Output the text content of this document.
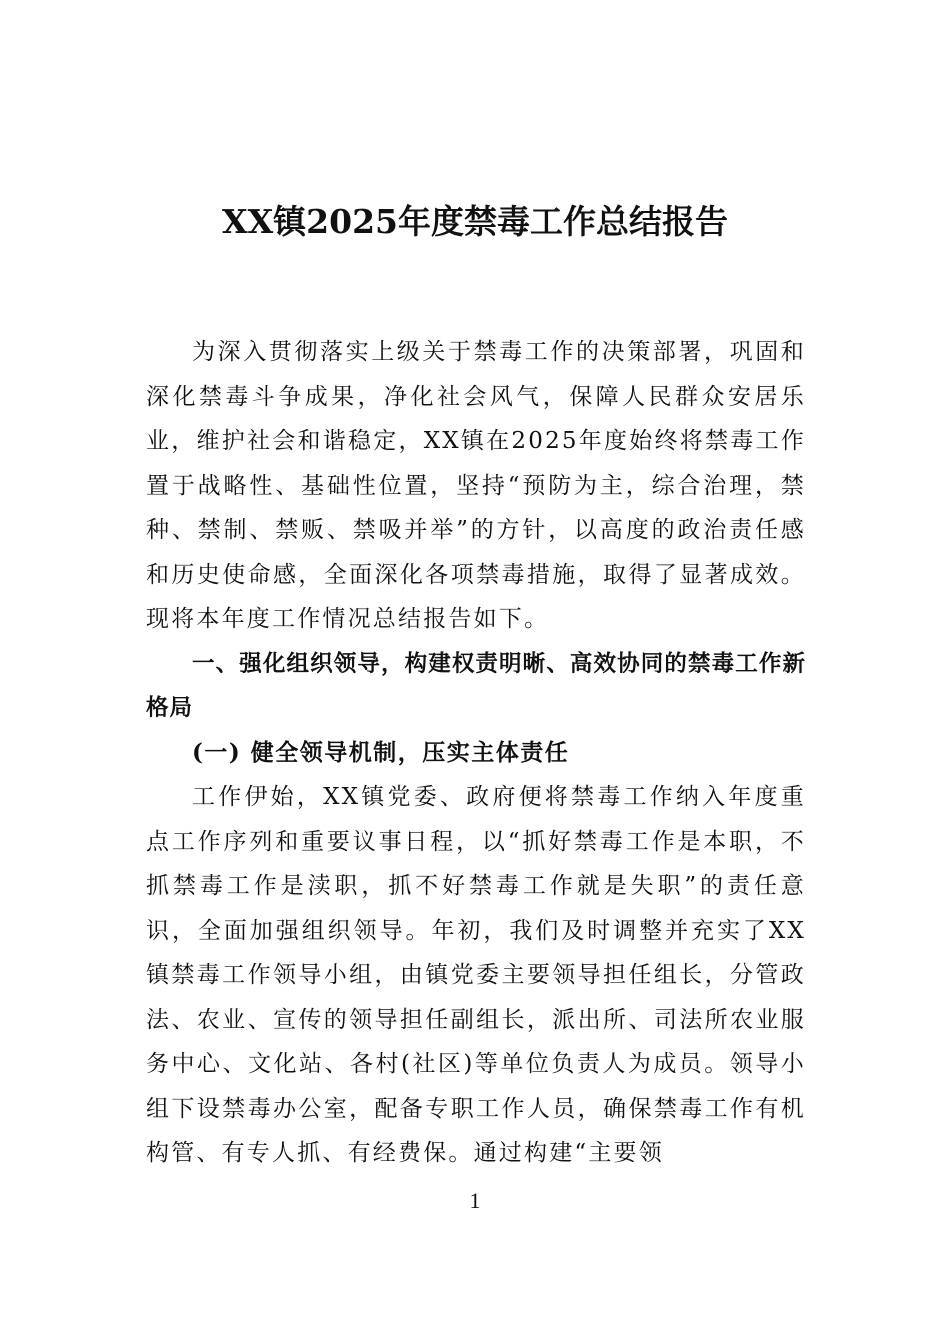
XX镇2025年度禁毒工作总结报告

为深入贯彻落实上级关于禁毒工作的决策部署，巩固和深化禁毒斗争成果，净化社会风气，保障人民群众安居乐业，维护社会和谐稳定，XX镇在2025年度始终将禁毒工作置于战略性、基础性位置，坚持“预防为主，综合治理，禁种、禁制、禁贩、禁吸并举”的方针，以高度的政治责任感和历史使命感，全面深化各项禁毒措施，取得了显著成效。现将本年度工作情况总结报告如下。

一、强化组织领导，构建权责明晰、高效协同的禁毒工作新格局

(一) 健全领导机制，压实主体责任

工作伊始，XX镇党委、政府便将禁毒工作纳入年度重点工作序列和重要议事日程，以“抓好禁毒工作是本职，不抓禁毒工作是渎职，抓不好禁毒工作就是失职”的责任意识，全面加强组织领导。年初，我们及时调整并充实了XX镇禁毒工作领导小组，由镇党委主要领导担任组长，分管政法、农业、宣传的领导担任副组长，派出所、司法所农业服务中心、文化站、各村(社区)等单位负责人为成员。领导小组下设禁毒办公室，配备专职工作人员，确保禁毒工作有机构管、有专人抓、有经费保。通过构建“主要领

1
